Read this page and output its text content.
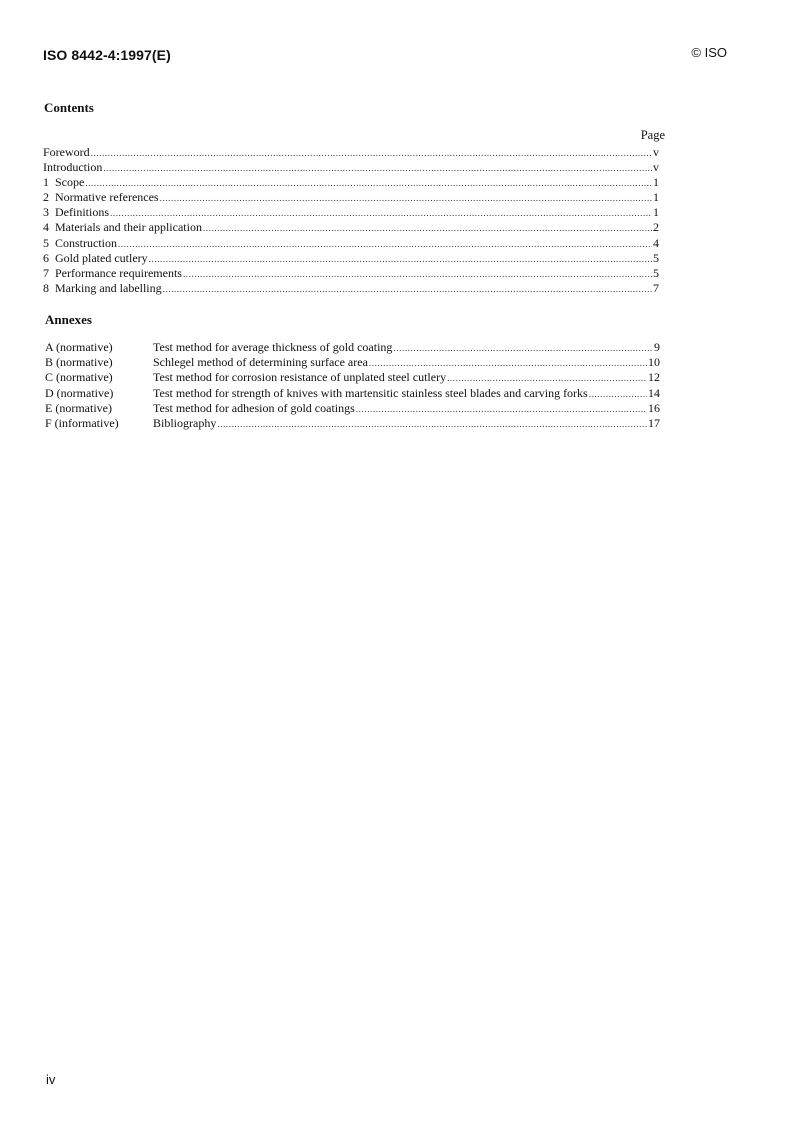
ISO 8442-4:1997(E)	© ISO
Contents
Page
Foreword .....	v
Introduction .....	v
1 Scope .....	1
2 Normative references .....	1
3 Definitions .....	1
4 Materials and their application .....	2
5 Construction .....	4
6 Gold plated cutlery .....	5
7 Performance requirements .....	5
8 Marking and labelling .....	7
Annexes
A (normative)	Test method for average thickness of gold coating .....	9
B (normative)	Schlegel method of determining surface area .....	10
C (normative)	Test method for corrosion resistance of unplated steel cutlery .....	12
D (normative)	Test method for strength of knives with martensitic stainless steel blades and carving forks .....	14
E (normative)	Test method for adhesion of gold coatings .....	16
F (informative)	Bibliography .....	17
iv
